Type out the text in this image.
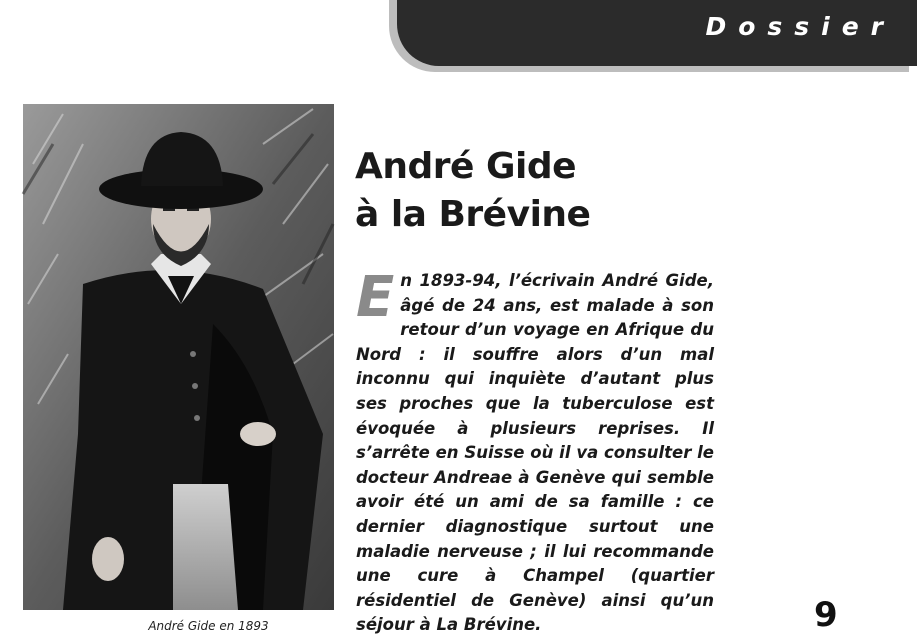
Dossier
André Gide en 1893
André Gide
à la Brévine

En 1893-94, l’écrivain André Gide, âgé de 24 ans, est malade à son retour d’un voyage en Afrique du Nord : il souffre alors d’un mal inconnu qui inquiète d’autant plus ses proches que la tuberculose est évoquée à plusieurs reprises. Il s’arrête en Suisse où il va consulter le docteur Andreae à Genève qui semble avoir été un ami de sa famille : ce dernier diagnostique surtout une maladie nerveuse ; il lui recommande une cure à Champel (quartier résidentiel de Genève) ainsi qu’un séjour à La Brévine.	9
